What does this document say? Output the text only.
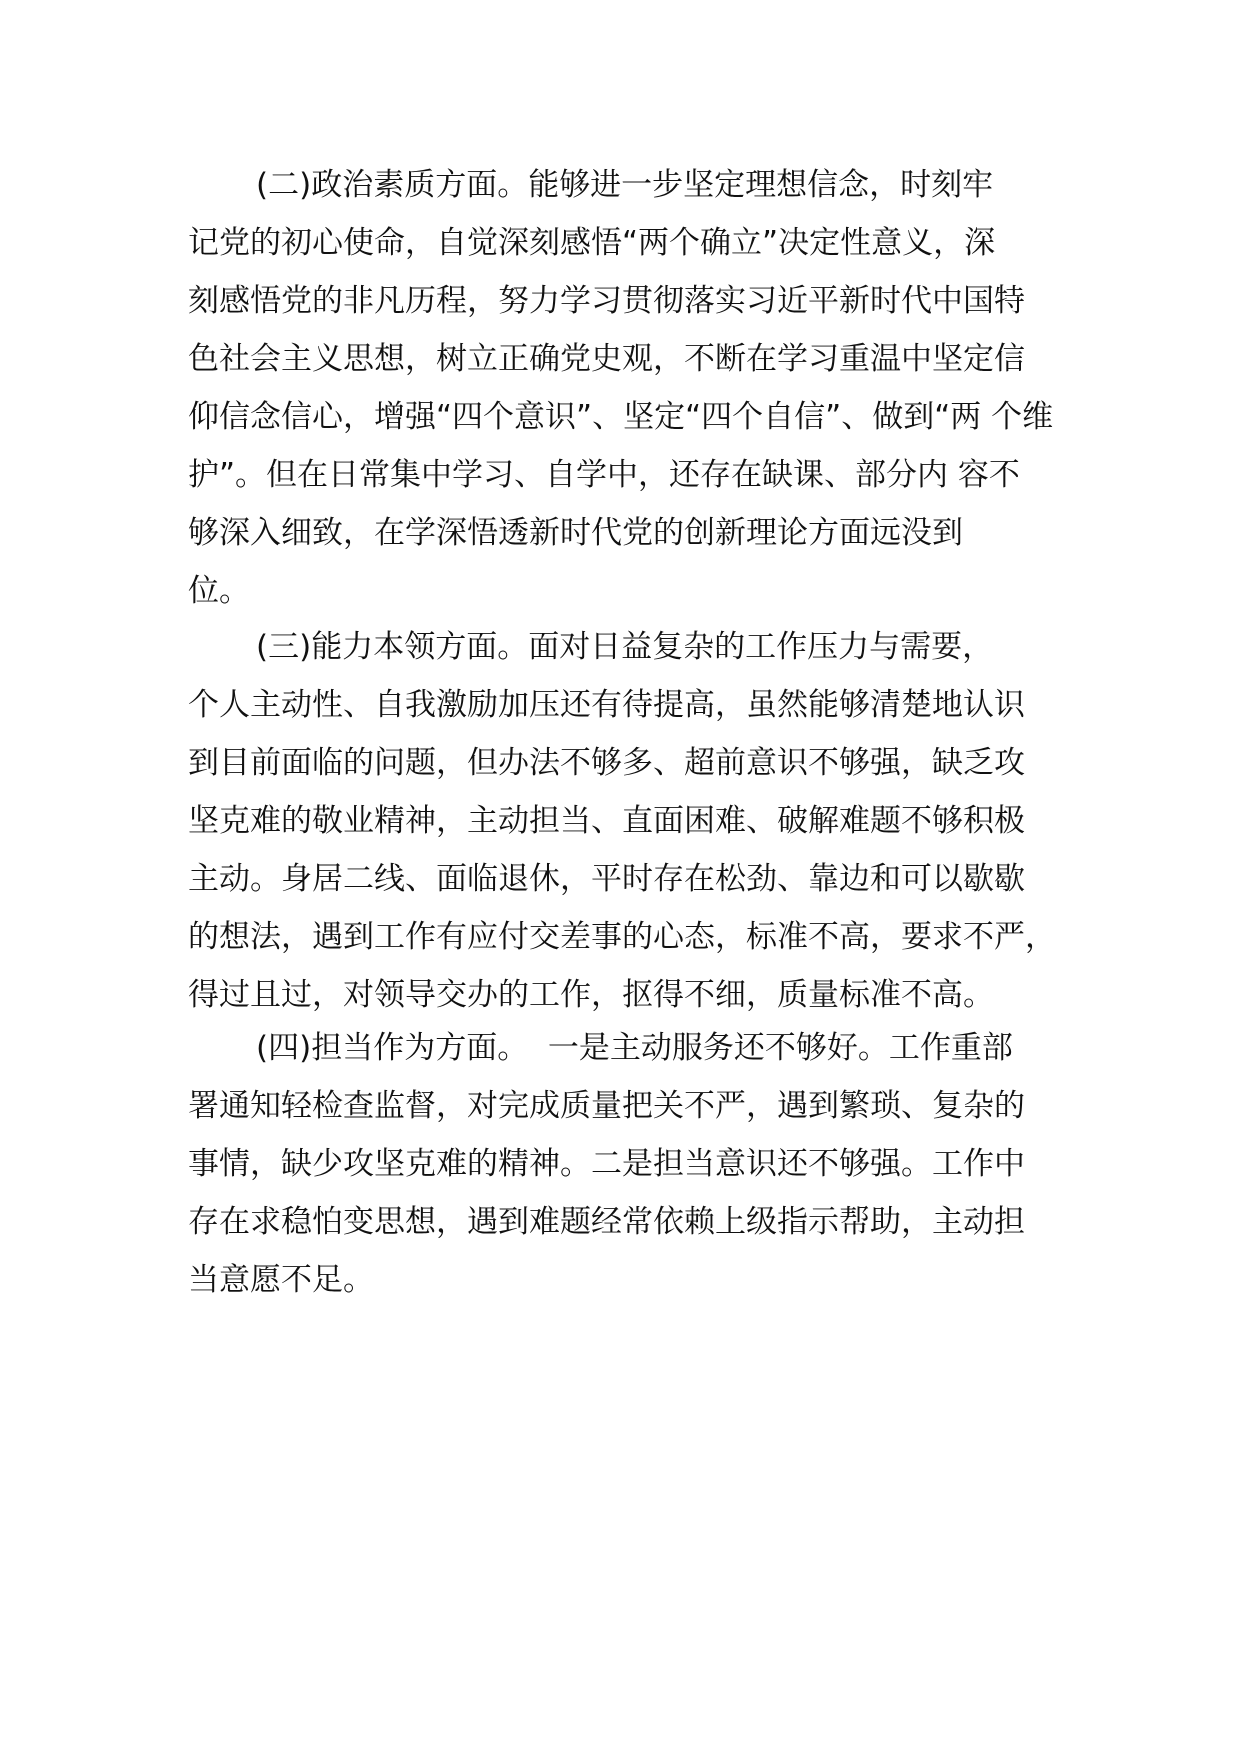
(二)政治素质方面。能够进一步坚定理想信念，时刻牢
记党的初心使命，自觉深刻感悟“两个确立”决定性意义，深
刻感悟党的非凡历程，努力学习贯彻落实习近平新时代中国特
色社会主义思想，树立正确党史观，不断在学习重温中坚定信
仰信念信心，增强“四个意识”、坚定“四个自信”、做到“两 个维
护”。但在日常集中学习、自学中，还存在缺课、部分内 容不
够深入细致，在学深悟透新时代党的创新理论方面远没到
位。
(三)能力本领方面。面对日益复杂的工作压力与需要，
个人主动性、自我激励加压还有待提高，虽然能够清楚地认识
到目前面临的问题，但办法不够多、超前意识不够强，缺乏攻
坚克难的敬业精神，主动担当、直面困难、破解难题不够积极
主动。身居二线、面临退休，平时存在松劲、靠边和可以歇歇
的想法，遇到工作有应付交差事的心态，标准不高，要求不严，
得过且过，对领导交办的工作，抠得不细，质量标准不高。
(四)担当作为方面。  一是主动服务还不够好。工作重部
署通知轻检查监督，对完成质量把关不严，遇到繁琐、复杂的
事情，缺少攻坚克难的精神。二是担当意识还不够强。工作中
存在求稳怕变思想，遇到难题经常依赖上级指示帮助，主动担
当意愿不足。
